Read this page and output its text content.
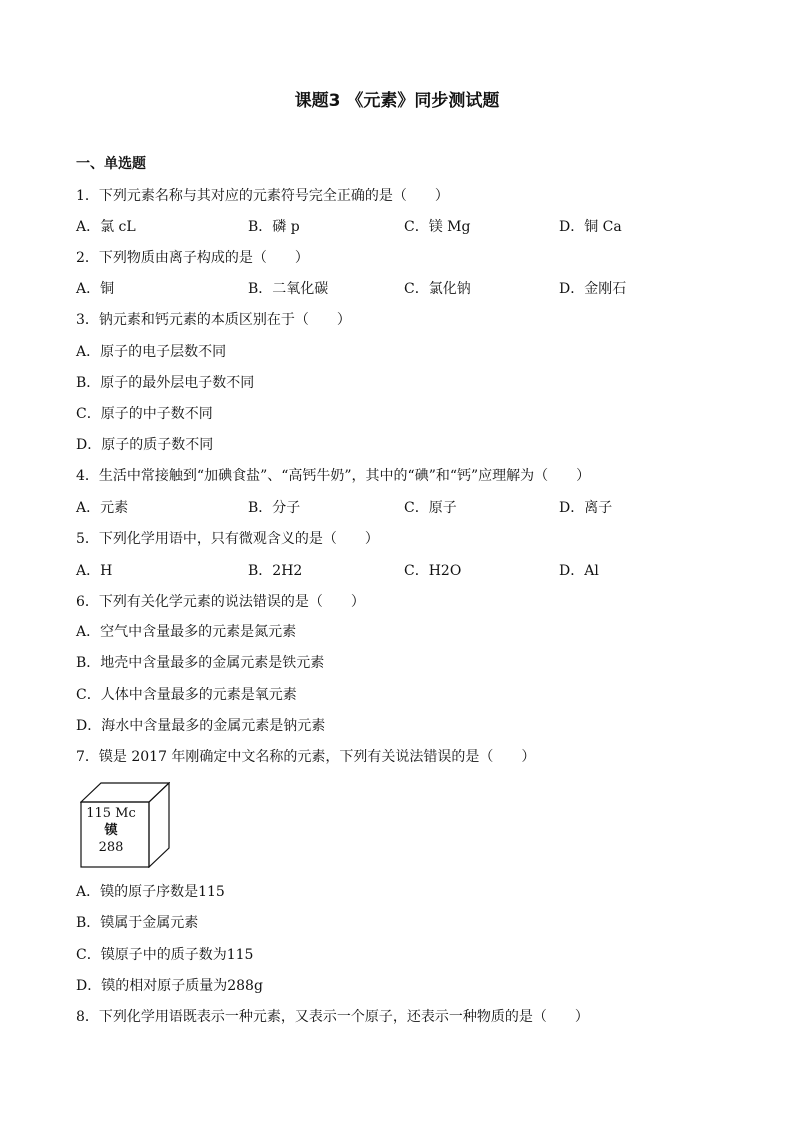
课题3 《元素》同步测试题
一、单选题
1．下列元素名称与其对应的元素符号完全正确的是（　　）
A．氯 cL	B．磷 p	C．镁 Mg	D．铜 Ca
2．下列物质由离子构成的是（　　）
A．铜	B．二氧化碳	C．氯化钠	D．金刚石
3．钠元素和钙元素的本质区别在于（　　）
A．原子的电子层数不同
B．原子的最外层电子数不同
C．原子的中子数不同
D．原子的质子数不同
4．生活中常接触到“加碘食盐”、“高钙牛奶”，其中的“碘”和“钙”应理解为（　　）
A．元素	B．分子	C．原子	D．离子
5．下列化学用语中，只有微观含义的是（　　）
A．H	B．2H2	C．H2O	D．Al
6．下列有关化学元素的说法错误的是（　　）
A．空气中含量最多的元素是氮元素
B．地壳中含量最多的金属元素是铁元素
C．人体中含量最多的元素是氧元素
D．海水中含量最多的金属元素是钠元素
7．镆是 2017 年刚确定中文名称的元素，下列有关说法错误的是（　　）
115 Mc
镆
288
A．镆的原子序数是115
B．镆属于金属元素
C．镆原子中的质子数为115
D．镆的相对原子质量为288g
8．下列化学用语既表示一种元素，又表示一个原子，还表示一种物质的是（　　）
